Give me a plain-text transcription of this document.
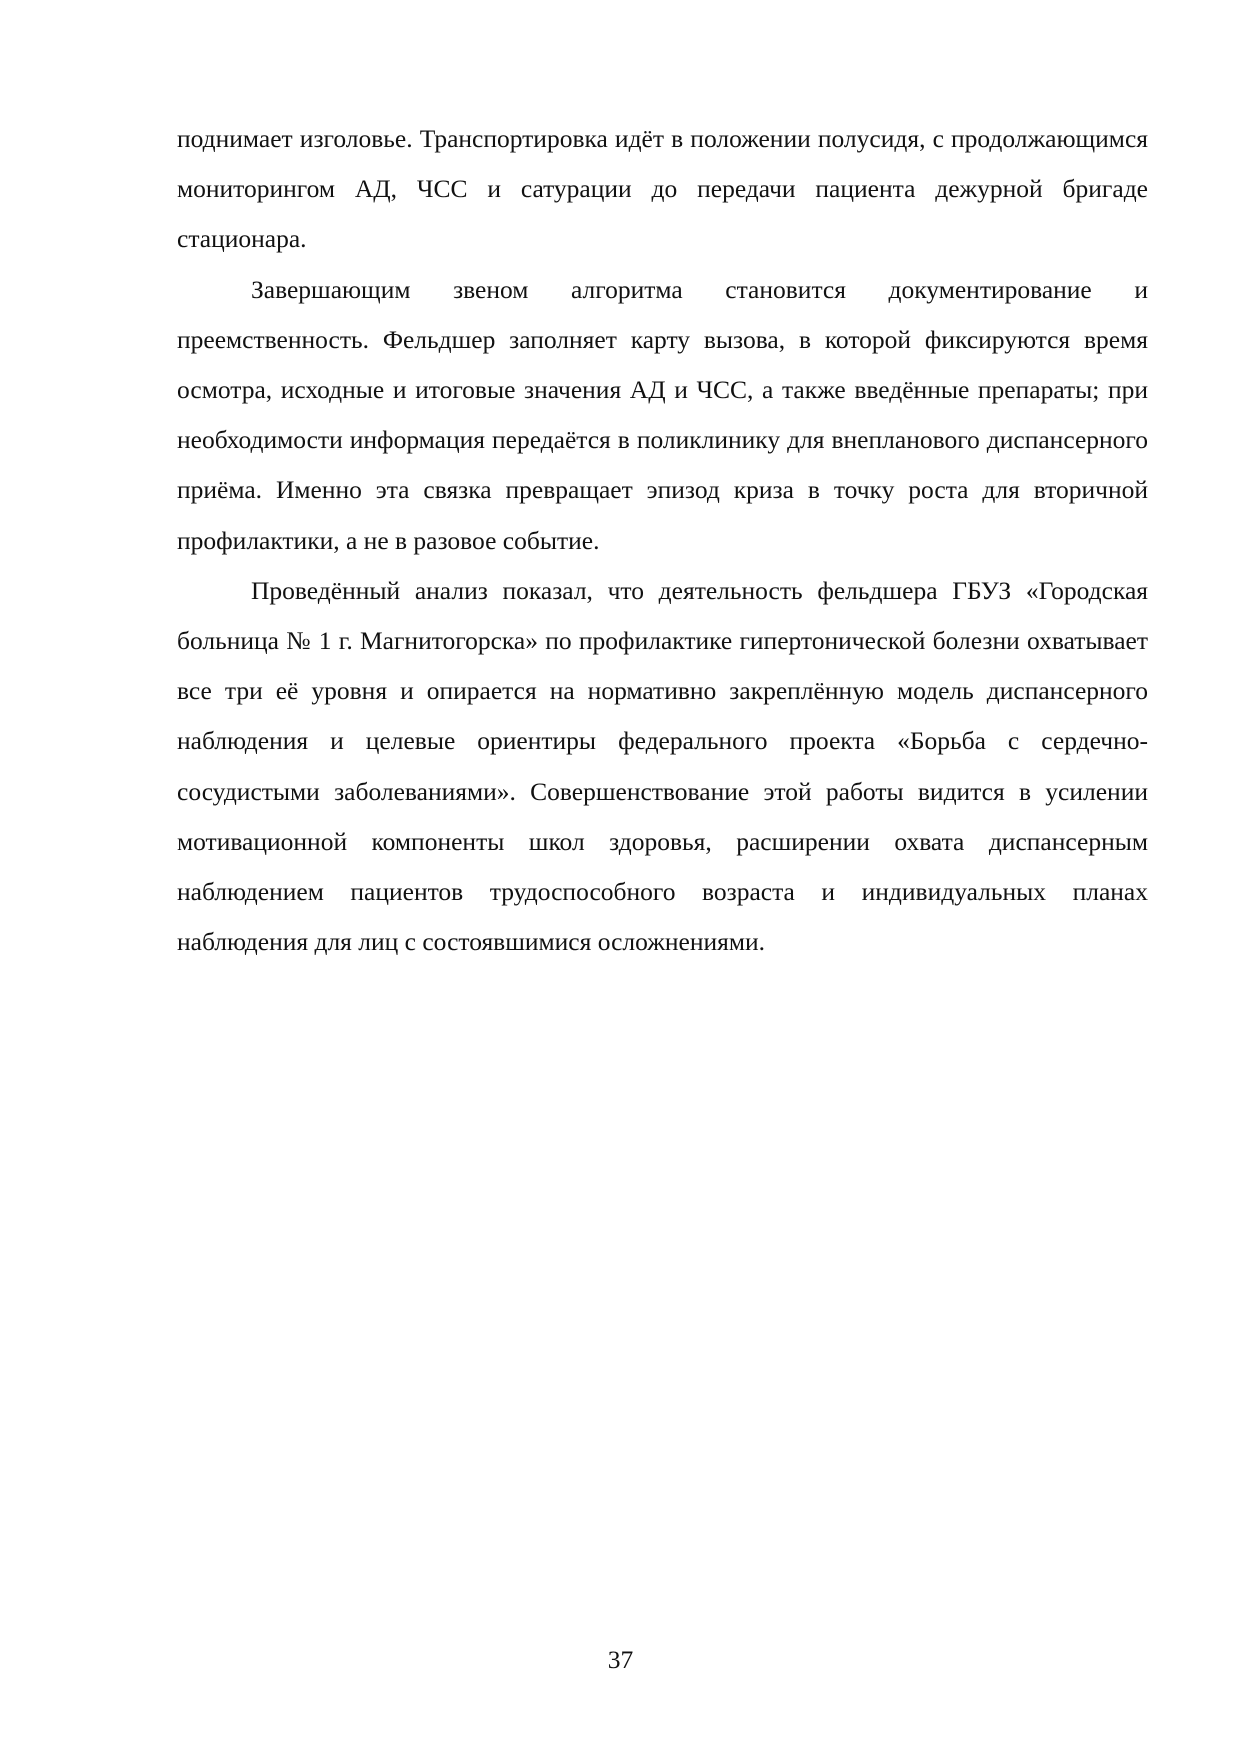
поднимает изголовье. Транспортировка идёт в положении полусидя, с продолжающимся мониторингом АД, ЧСС и сатурации до передачи пациента дежурной бригаде стационара.

Завершающим звеном алгоритма становится документирование и преемственность. Фельдшер заполняет карту вызова, в которой фиксируются время осмотра, исходные и итоговые значения АД и ЧСС, а также введённые препараты; при необходимости информация передаётся в поликлинику для внепланового диспансерного приёма. Именно эта связка превращает эпизод криза в точку роста для вторичной профилактики, а не в разовое событие.

Проведённый анализ показал, что деятельность фельдшера ГБУЗ «Городская больница № 1 г. Магнитогорска» по профилактике гипертонической болезни охватывает все три её уровня и опирается на нормативно закреплённую модель диспансерного наблюдения и целевые ориентиры федерального проекта «Борьба с сердечно-сосудистыми заболеваниями». Совершенствование этой работы видится в усилении мотивационной компоненты школ здоровья, расширении охвата диспансерным наблюдением пациентов трудоспособного возраста и индивидуальных планах наблюдения для лиц с состоявшимися осложнениями.

37
